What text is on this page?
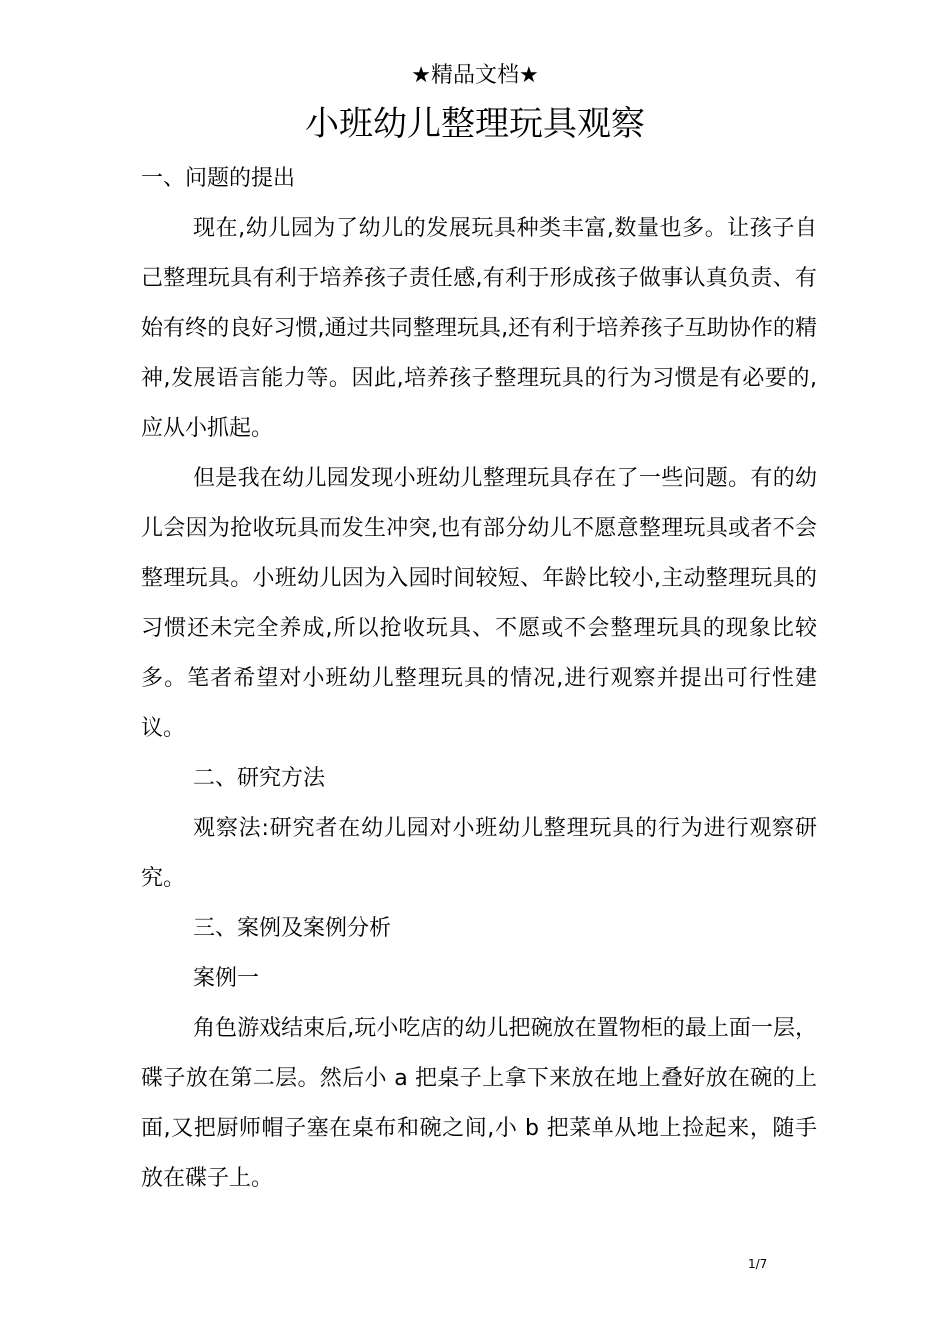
★精品文档★
小班幼儿整理玩具观察

一、问题的提出

现在,幼儿园为了幼儿的发展玩具种类丰富,数量也多。让孩子自己整理玩具有利于培养孩子责任感,有利于形成孩子做事认真负责、有始有终的良好习惯,通过共同整理玩具,还有利于培养孩子互助协作的精神,发展语言能力等。因此,培养孩子整理玩具的行为习惯是有必要的,应从小抓起。

但是我在幼儿园发现小班幼儿整理玩具存在了一些问题。有的幼儿会因为抢收玩具而发生冲突,也有部分幼儿不愿意整理玩具或者不会整理玩具。小班幼儿因为入园时间较短、年龄比较小,主动整理玩具的习惯还未完全养成,所以抢收玩具、不愿或不会整理玩具的现象比较多。笔者希望对小班幼儿整理玩具的情况,进行观察并提出可行性建议。

二、研究方法

观察法:研究者在幼儿园对小班幼儿整理玩具的行为进行观察研究。

三、案例及案例分析

案例一

角色游戏结束后,玩小吃店的幼儿把碗放在置物柜的最上面一层，碟子放在第二层。然后小 a 把桌子上拿下来放在地上叠好放在碗的上面,又把厨师帽子塞在桌布和碗之间,小 b 把菜单从地上捡起来，随手放在碟子上。

1/7
